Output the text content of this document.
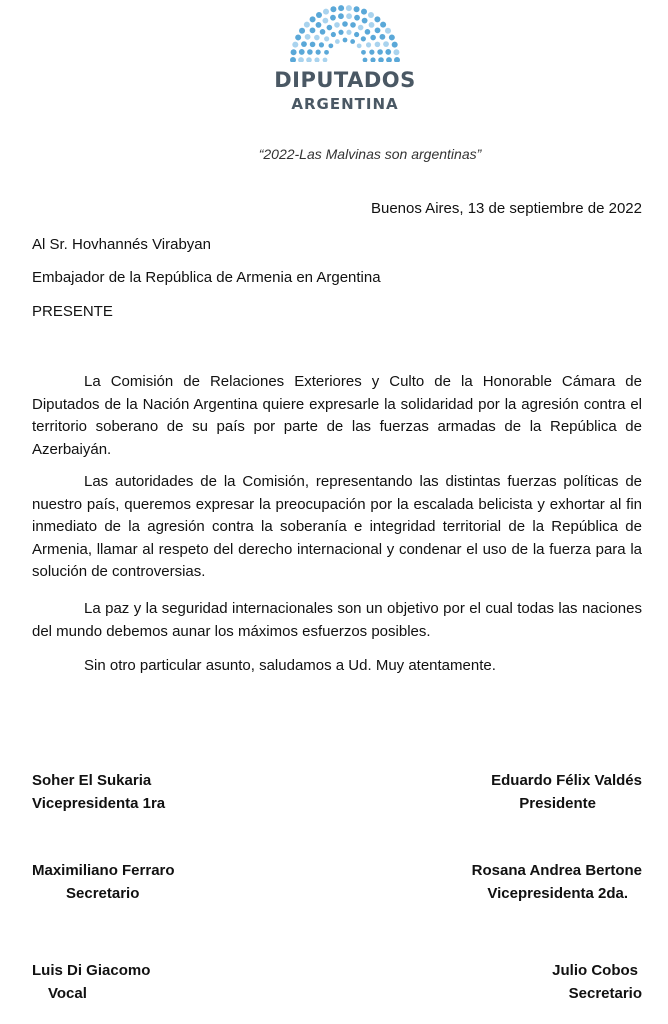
DIPUTADOS
ARGENTINA
“2022-Las Malvinas son argentinas”
Buenos Aires, 13 de septiembre de 2022
Al Sr. Hovhannés Virabyan
Embajador de la República de Armenia en Argentina
PRESENTE

La Comisión de Relaciones Exteriores y Culto de la Honorable Cámara de Diputados de la Nación Argentina quiere expresarle la solidaridad por la agresión contra el territorio soberano de su país por parte de las fuerzas armadas de la República de Azerbaiyán.

Las autoridades de la Comisión, representando las distintas fuerzas políticas de nuestro país, queremos expresar la preocupación por la escalada belicista y exhortar al fin inmediato de la agresión contra la soberanía e integridad territorial de la República de Armenia, llamar al respeto del derecho internacional y condenar el uso de la fuerza para la solución de controversias.

La paz y la seguridad internacionales son un objetivo por el cual todas las naciones del mundo debemos aunar los máximos esfuerzos posibles.

Sin otro particular asunto, saludamos a Ud. Muy atentamente.

Soher El Sukaria
Vicepresidenta 1ra
Eduardo Félix Valdés
Presidente
Maximiliano Ferraro
Secretario
Rosana Andrea Bertone
Vicepresidenta 2da.
Luis Di Giacomo
Vocal
Julio Cobos
Secretario
